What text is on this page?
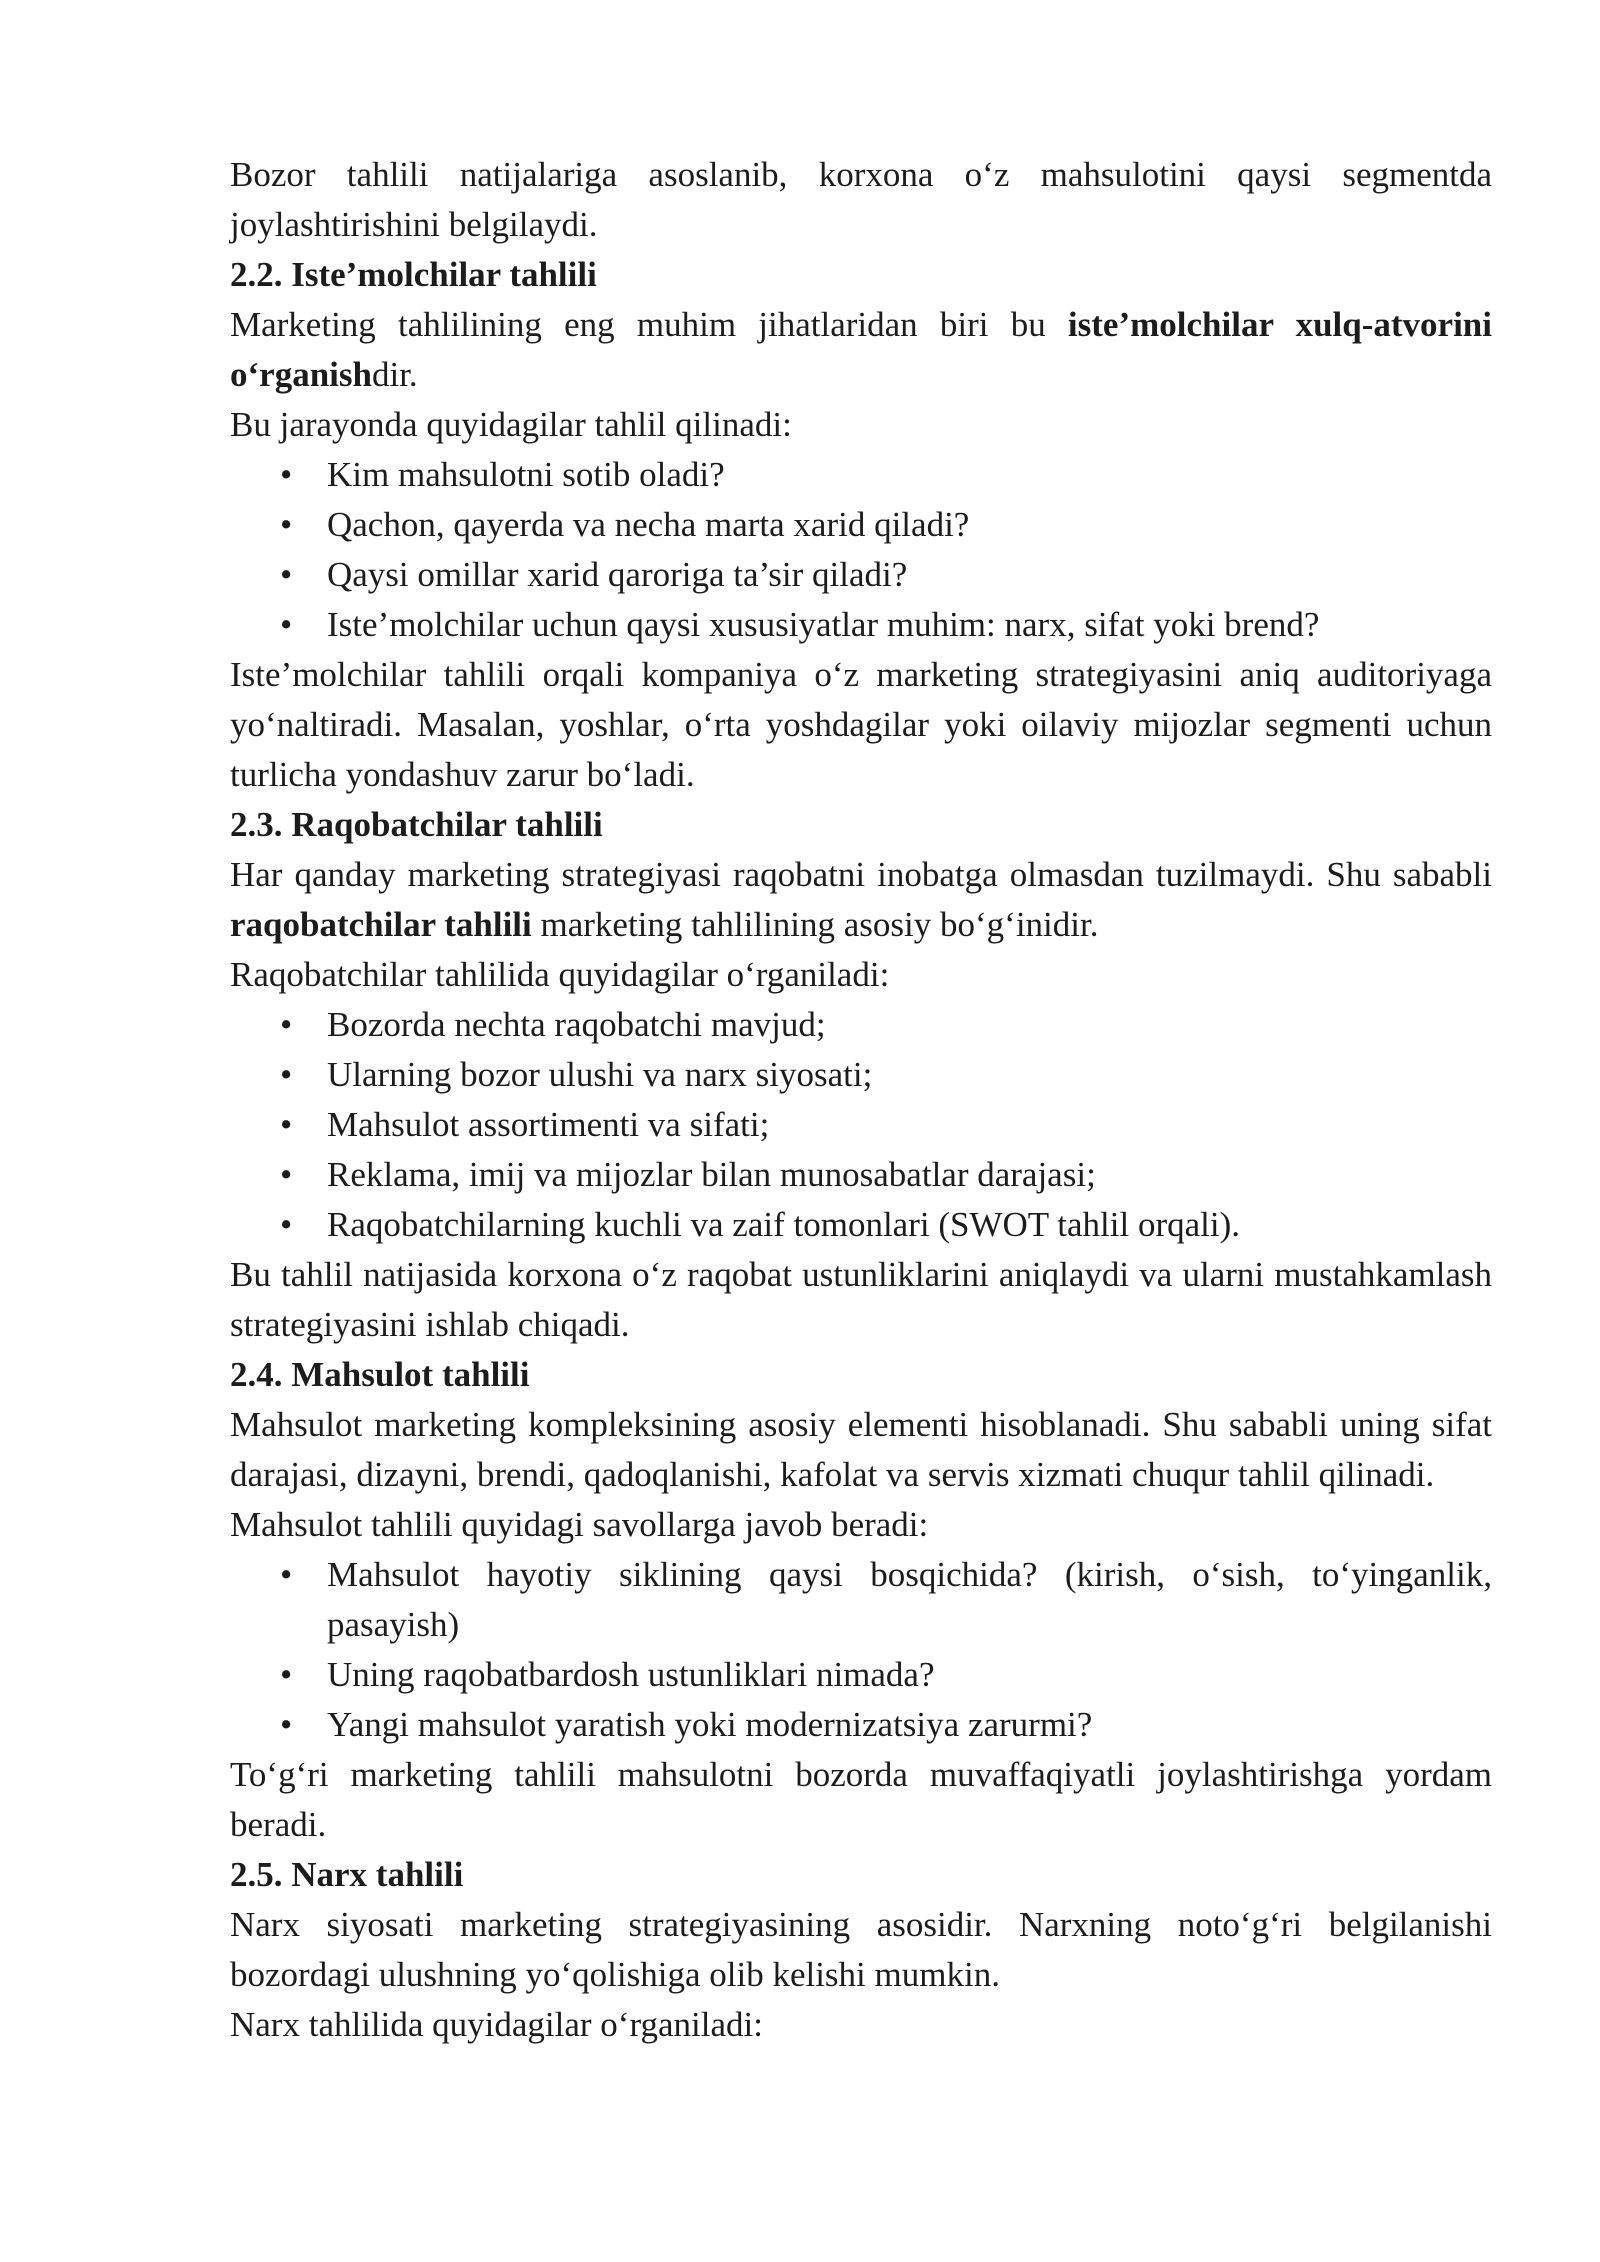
Bozor tahlili natijalariga asoslanib, korxona o‘z mahsulotini qaysi segmentda joylashtirishini belgilaydi.

2.2. Iste’molchilar tahlili

Marketing tahlilining eng muhim jihatlaridan biri bu iste’molchilar xulq-atvorini o‘rganishdir.

Bu jarayonda quyidagilar tahlil qilinadi:

• Kim mahsulotni sotib oladi?
• Qachon, qayerda va necha marta xarid qiladi?
• Qaysi omillar xarid qaroriga ta’sir qiladi?
• Iste’molchilar uchun qaysi xususiyatlar muhim: narx, sifat yoki brend?

Iste’molchilar tahlili orqali kompaniya o‘z marketing strategiyasini aniq auditoriyaga yo‘naltiradi. Masalan, yoshlar, o‘rta yoshdagilar yoki oilaviy mijozlar segmenti uchun turlicha yondashuv zarur bo‘ladi.

2.3. Raqobatchilar tahlili

Har qanday marketing strategiyasi raqobatni inobatga olmasdan tuzilmaydi. Shu sababli raqobatchilar tahlili marketing tahlilining asosiy bo‘g‘inidir.

Raqobatchilar tahlilida quyidagilar o‘rganiladi:

• Bozorda nechta raqobatchi mavjud;
• Ularning bozor ulushi va narx siyosati;
• Mahsulot assortimenti va sifati;
• Reklama, imij va mijozlar bilan munosabatlar darajasi;
• Raqobatchilarning kuchli va zaif tomonlari (SWOT tahlil orqali).

Bu tahlil natijasida korxona o‘z raqobat ustunliklarini aniqlaydi va ularni mustahkamlash strategiyasini ishlab chiqadi.

2.4. Mahsulot tahlili

Mahsulot marketing kompleksining asosiy elementi hisoblanadi. Shu sababli uning sifat darajasi, dizayni, brendi, qadoqlanishi, kafolat va servis xizmati chuqur tahlil qilinadi.

Mahsulot tahlili quyidagi savollarga javob beradi:

• Mahsulot hayotiy siklining qaysi bosqichida? (kirish, o‘sish, to‘yinganlik, pasayish)
• Uning raqobatbardosh ustunliklari nimada?
• Yangi mahsulot yaratish yoki modernizatsiya zarurmi?

To‘g‘ri marketing tahlili mahsulotni bozorda muvaffaqiyatli joylashtirishga yordam beradi.

2.5. Narx tahlili

Narx siyosati marketing strategiyasining asosidir. Narxning noto‘g‘ri belgilanishi bozordagi ulushning yo‘qolishiga olib kelishi mumkin.

Narx tahlilida quyidagilar o‘rganiladi:
